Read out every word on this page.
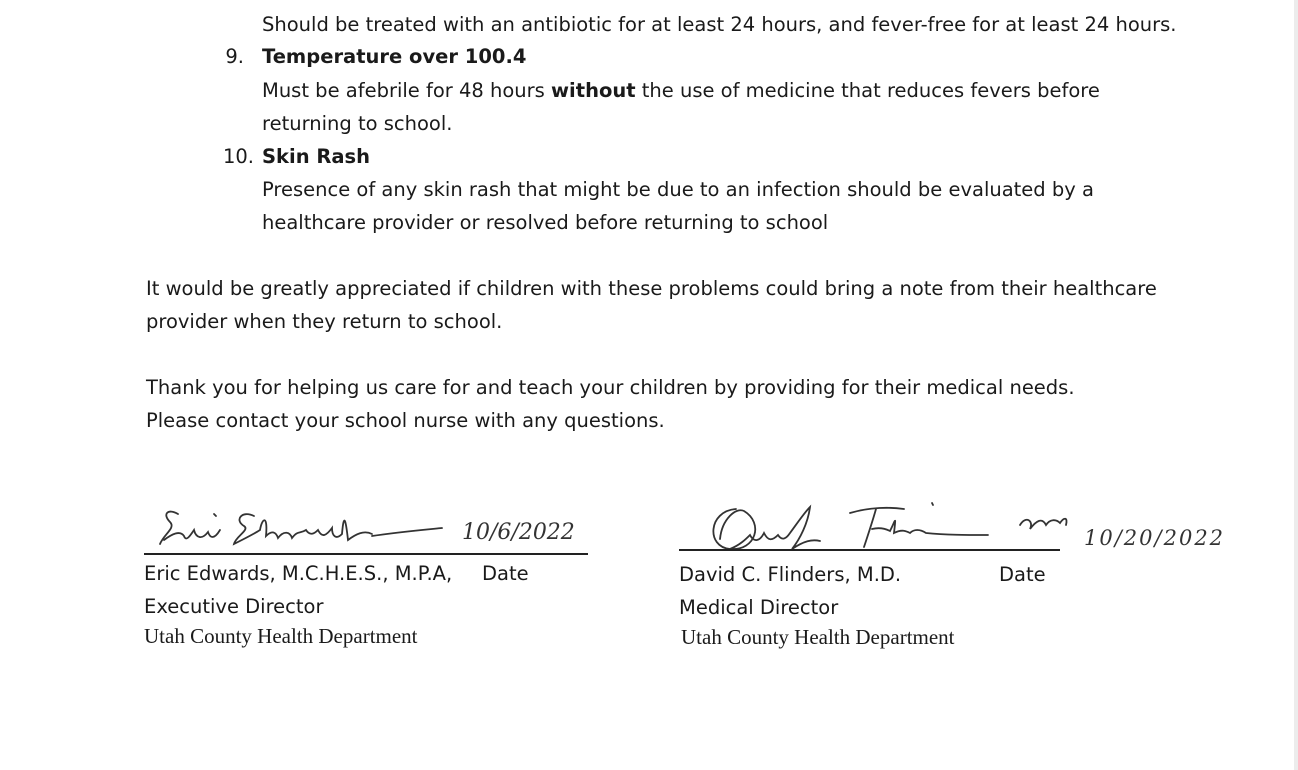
Should be treated with an antibiotic for at least 24 hours, and fever-free for at least 24 hours.
9. Temperature over 100.4
Must be afebrile for 48 hours without the use of medicine that reduces fevers before
returning to school.
10. Skin Rash
Presence of any skin rash that might be due to an infection should be evaluated by a
healthcare provider or resolved before returning to school
It would be greatly appreciated if children with these problems could bring a note from their healthcare
provider when they return to school.
Thank you for helping us care for and teach your children by providing for their medical needs.
Please contact your school nurse with any questions.
10/6/2022
Eric Edwards, M.C.H.E.S., M.P.A, Date
Executive Director
Utah County Health Department
10/20/2022
David C. Flinders, M.D.	Date
Medical Director
Utah County Health Department
